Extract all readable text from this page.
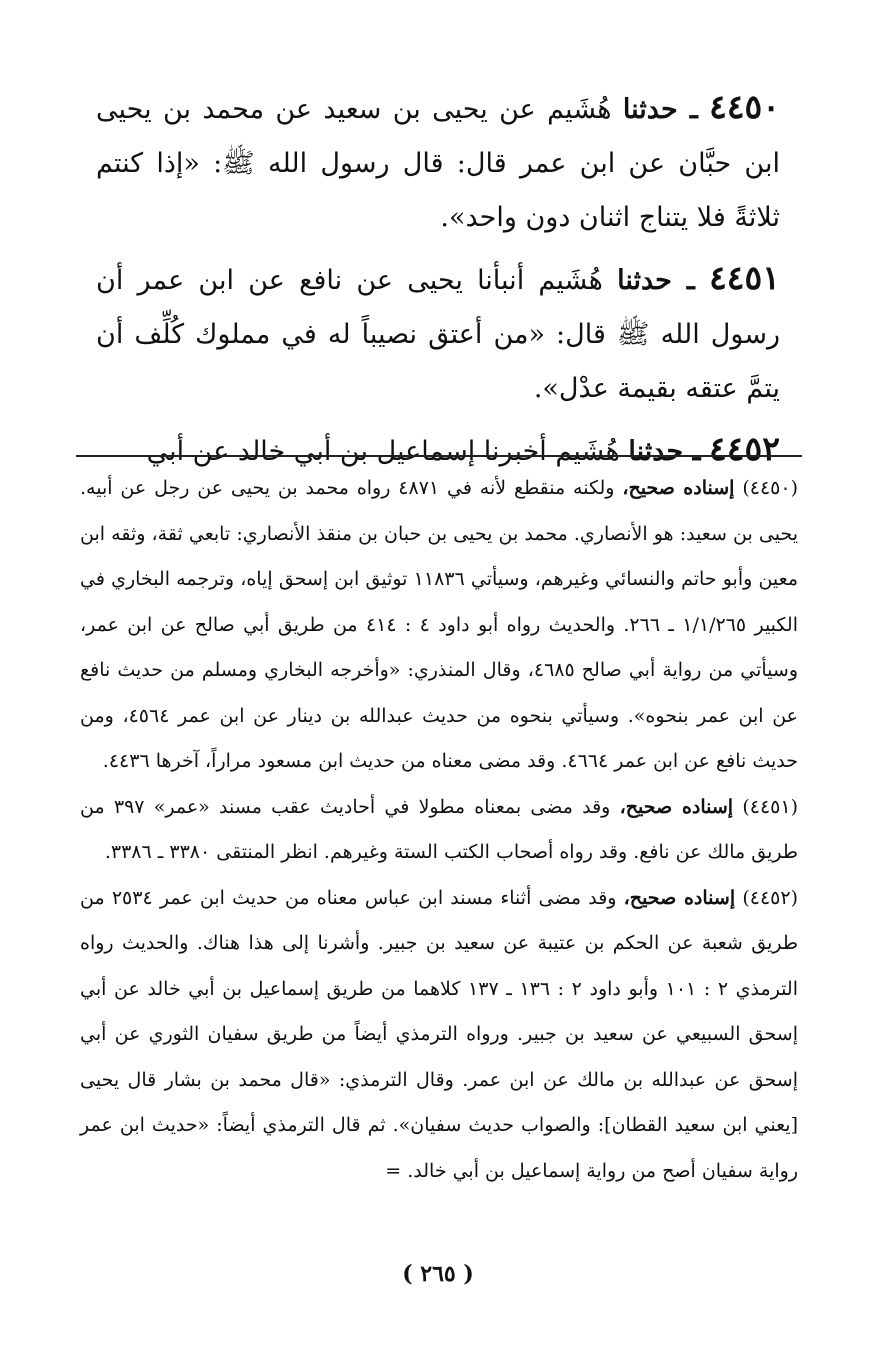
٤٤٥٠ ـ حدثنا هُشَيم عن يحيى بن سعيد عن محمد بن يحيى ابن حبَّان عن ابن عمر قال: قال رسول الله ﷺ: «إذا كنتم ثلاثةً فلا يتناج اثنان دون واحد».

٤٤٥١ ـ حدثنا هُشَيم أنبأنا يحيى عن نافع عن ابن عمر أن رسول الله ﷺ قال: «من أعتق نصيباً له في مملوك كُلِّف أن يتمَّ عتقه بقيمة عدْل».

٤٤٥٢ ـ حدثنا هُشَيم أخبرنا إسماعيل بن أبي خالد عن أبي

(٤٤٥٠) إسناده صحيح، ولكنه منقطع لأنه في ٤٨٧١ رواه محمد بن يحيى عن رجل عن أبيه. يحيى بن سعيد: هو الأنصاري. محمد بن يحيى بن حبان بن منقذ الأنصاري: تابعي ثقة، وثقه ابن معين وأبو حاتم والنسائي وغيرهم، وسيأتي ١١٨٣٦ توثيق ابن إسحق إياه، وترجمه البخاري في الكبير ١/١/٢٦٥ ـ ٢٦٦. والحديث رواه أبو داود ٤ : ٤١٤ من طريق أبي صالح عن ابن عمر، وسيأتي من رواية أبي صالح ٤٦٨٥، وقال المنذري: «وأخرجه البخاري ومسلم من حديث نافع عن ابن عمر بنحوه». وسيأتي بنحوه من حديث عبدالله بن دينار عن ابن عمر ٤٥٦٤، ومن حديث نافع عن ابن عمر ٤٦٦٤. وقد مضى معناه من حديث ابن مسعود مراراً، آخرها ٤٤٣٦.

(٤٤٥١) إسناده صحيح، وقد مضى بمعناه مطولا في أحاديث عقب مسند «عمر» ٣٩٧ من طريق مالك عن نافع. وقد رواه أصحاب الكتب الستة وغيرهم. انظر المنتقى ٣٣٨٠ ـ ٣٣٨٦.

(٤٤٥٢) إسناده صحيح، وقد مضى أثناء مسند ابن عباس معناه من حديث ابن عمر ٢٥٣٤ من طريق شعبة عن الحكم بن عتيبة عن سعيد بن جبير. وأشرنا إلى هذا هناك. والحديث رواه الترمذي ٢ : ١٠١ وأبو داود ٢ : ١٣٦ ـ ١٣٧ كلاهما من طريق إسماعيل بن أبي خالد عن أبي إسحق السبيعي عن سعيد بن جبير. ورواه الترمذي أيضاً من طريق سفيان الثوري عن أبي إسحق عن عبدالله بن مالك عن ابن عمر. وقال الترمذي: «قال محمد بن بشار قال يحيى [يعني ابن سعيد القطان]: والصواب حديث سفيان». ثم قال الترمذي أيضاً: «حديث ابن عمر رواية سفيان أصح من رواية إسماعيل بن أبي خالد. =

( ٢٦٥ )
